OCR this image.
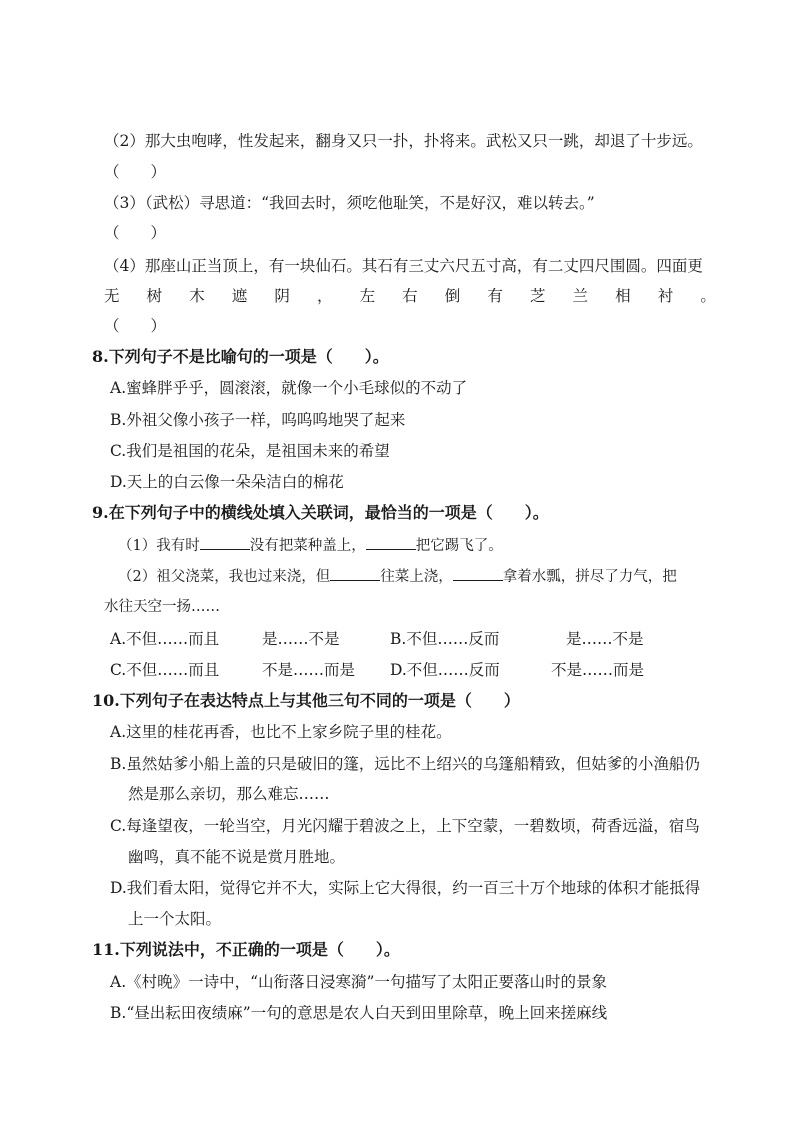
（2）那大虫咆哮，性发起来，翻身又只一扑，扑将来。武松又只一跳，却退了十步远。
（　　）
（3）（武松）寻思道：“我回去时，须吃他耻笑，不是好汉，难以转去。”
（　　）
（4）那座山正当顶上，有一块仙石。其石有三丈六尺五寸高，有二丈四尺围圆。四面更
无 树 木 遮 阴 ， 左 右 倒 有 芝 兰 相 衬 。
（　　）
8.下列句子不是比喻句的一项是（　　）。
A.蜜蜂胖乎乎，圆滚滚，就像一个小毛球似的不动了
B.外祖父像小孩子一样，呜呜呜地哭了起来
C.我们是祖国的花朵，是祖国未来的希望
D.天上的白云像一朵朵洁白的棉花
9.在下列句子中的横线处填入关联词，最恰当的一项是（　　）。
（1）我有时	没有把菜种盖上，	把它踢飞了。
（2）祖父浇菜，我也过来浇，但	往菜上浇，	拿着水瓢，拼尽了力气，把
水往天空一扬……
A.不但……而且	是……不是	B.不但……反而	是……不是
C.不但……而且	不是……而是 D.不但……反而	不是……而是
10.下列句子在表达特点上与其他三句不同的一项是（　　）
A.这里的桂花再香，也比不上家乡院子里的桂花。
B.虽然姑爹小船上盖的只是破旧的篷，远比不上绍兴的乌篷船精致，但姑爹的小渔船仍
然是那么亲切，那么难忘……
C.每逢望夜，一轮当空，月光闪耀于碧波之上，上下空蒙，一碧数顷，荷香远溢，宿鸟
幽鸣，真不能不说是赏月胜地。
D.我们看太阳，觉得它并不大，实际上它大得很，约一百三十万个地球的体积才能抵得
上一个太阳。
11.下列说法中，不正确的一项是（　　）。
A.《村晚》一诗中，“山衔落日浸寒漪”一句描写了太阳正要落山时的景象
B.“昼出耘田夜绩麻”一句的意思是农人白天到田里除草，晚上回来搓麻线
